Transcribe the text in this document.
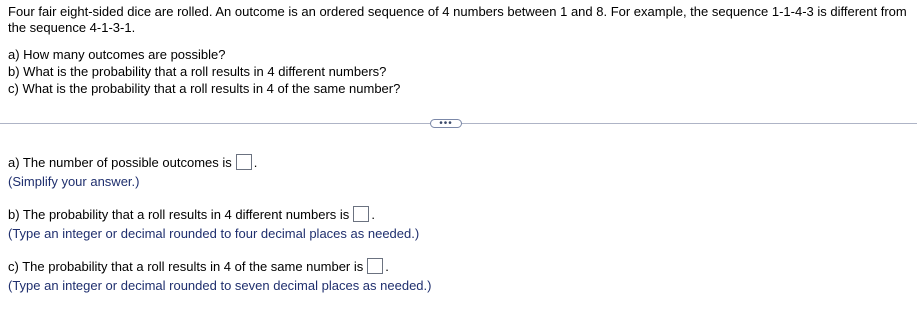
Four fair eight-sided dice are rolled. An outcome is an ordered sequence of 4 numbers between 1 and 8. For example, the sequence 1-1-4-3 is different from the sequence 4-1-3-1.

a) How many outcomes are possible?
b) What is the probability that a roll results in 4 different numbers?
c) What is the probability that a roll results in 4 of the same number?
•••
a) The number of possible outcomes is .
(Simplify your answer.)
b) The probability that a roll results in 4 different numbers is .
(Type an integer or decimal rounded to four decimal places as needed.)
c) The probability that a roll results in 4 of the same number is .
(Type an integer or decimal rounded to seven decimal places as needed.)
